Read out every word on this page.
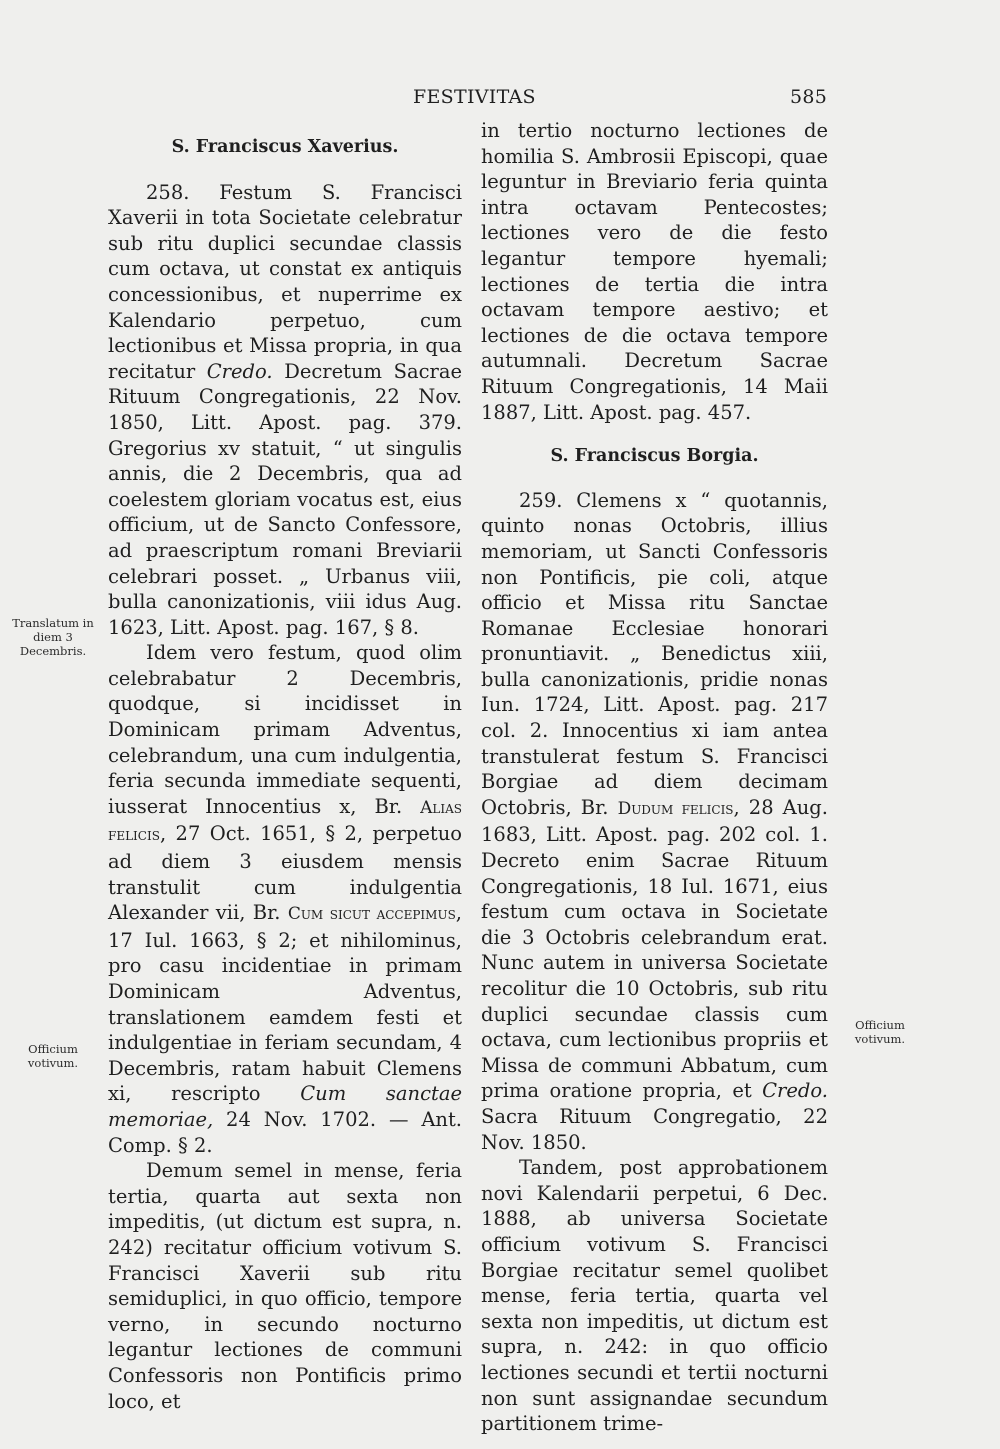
FESTIVITAS	585
Translatum in diem 3 Decembris.
Officium votivum.
Officium votivum.
S. Franciscus Xaverius.

258. Festum S. Francisci Xaverii in tota Societate celebratur sub ritu duplici secundae classis cum octava, ut constat ex antiquis concessionibus, et nuperrime ex Kalendario perpetuo, cum lectionibus et Missa propria, in qua recitatur Credo. Decretum Sacrae Rituum Congregationis, 22 Nov. 1850, Litt. Apost. pag. 379. Gregorius xv statuit, “ ut singulis annis, die 2 Decembris, qua ad coelestem gloriam vocatus est, eius officium, ut de Sancto Confessore, ad praescriptum romani Breviarii celebrari posset. „ Urbanus viii, bulla canonizationis, viii idus Aug. 1623, Litt. Apost. pag. 167, § 8.

Idem vero festum, quod olim celebrabatur 2 Decembris, quodque, si incidisset in Dominicam primam Adventus, celebrandum, una cum indulgentia, feria secunda immediate sequenti, iusserat Innocentius x, Br. Alias felicis, 27 Oct. 1651, § 2, perpetuo ad diem 3 eiusdem mensis transtulit cum indulgentia Alexander vii, Br. Cum sicut accepimus, 17 Iul. 1663, § 2; et nihilominus, pro casu incidentiae in primam Dominicam Adventus, translationem eamdem festi et indulgentiae in feriam secundam, 4 Decembris, ratam habuit Clemens xi, rescripto Cum sanctae memoriae, 24 Nov. 1702. — Ant. Comp. § 2.

Demum semel in mense, feria tertia, quarta aut sexta non impeditis, (ut dictum est supra, n. 242) recitatur officium votivum S. Francisci Xaverii sub ritu semiduplici, in quo officio, tempore verno, in secundo nocturno legantur lectiones de communi Confessoris non Pontificis primo loco, et

in tertio nocturno lectiones de homilia S. Ambrosii Episcopi, quae leguntur in Breviario feria quinta intra octavam Pentecostes; lectiones vero de die festo legantur tempore hyemali; lectiones de tertia die intra octavam tempore aestivo; et lectiones de die octava tempore autumnali. Decretum Sacrae Rituum Congregationis, 14 Maii 1887, Litt. Apost. pag. 457.

S. Franciscus Borgia.

259. Clemens x “ quotannis, quinto nonas Octobris, illius memoriam, ut Sancti Confessoris non Pontificis, pie coli, atque officio et Missa ritu Sanctae Romanae Ecclesiae honorari pronuntiavit. „ Benedictus xiii, bulla canonizationis, pridie nonas Iun. 1724, Litt. Apost. pag. 217 col. 2. Innocentius xi iam antea transtulerat festum S. Francisci Borgiae ad diem decimam Octobris, Br. Dudum felicis, 28 Aug. 1683, Litt. Apost. pag. 202 col. 1. Decreto enim Sacrae Rituum Congregationis, 18 Iul. 1671, eius festum cum octava in Societate die 3 Octobris celebrandum erat. Nunc autem in universa Societate recolitur die 10 Octobris, sub ritu duplici secundae classis cum octava, cum lectionibus propriis et Missa de communi Abbatum, cum prima oratione propria, et Credo. Sacra Rituum Congregatio, 22 Nov. 1850.

Tandem, post approbationem novi Kalendarii perpetui, 6 Dec. 1888, ab universa Societate officium votivum S. Francisci Borgiae recitatur semel quolibet mense, feria tertia, quarta vel sexta non impeditis, ut dictum est supra, n. 242: in quo officio lectiones secundi et tertii nocturni non sunt assignandae secundum partitionem trime-
